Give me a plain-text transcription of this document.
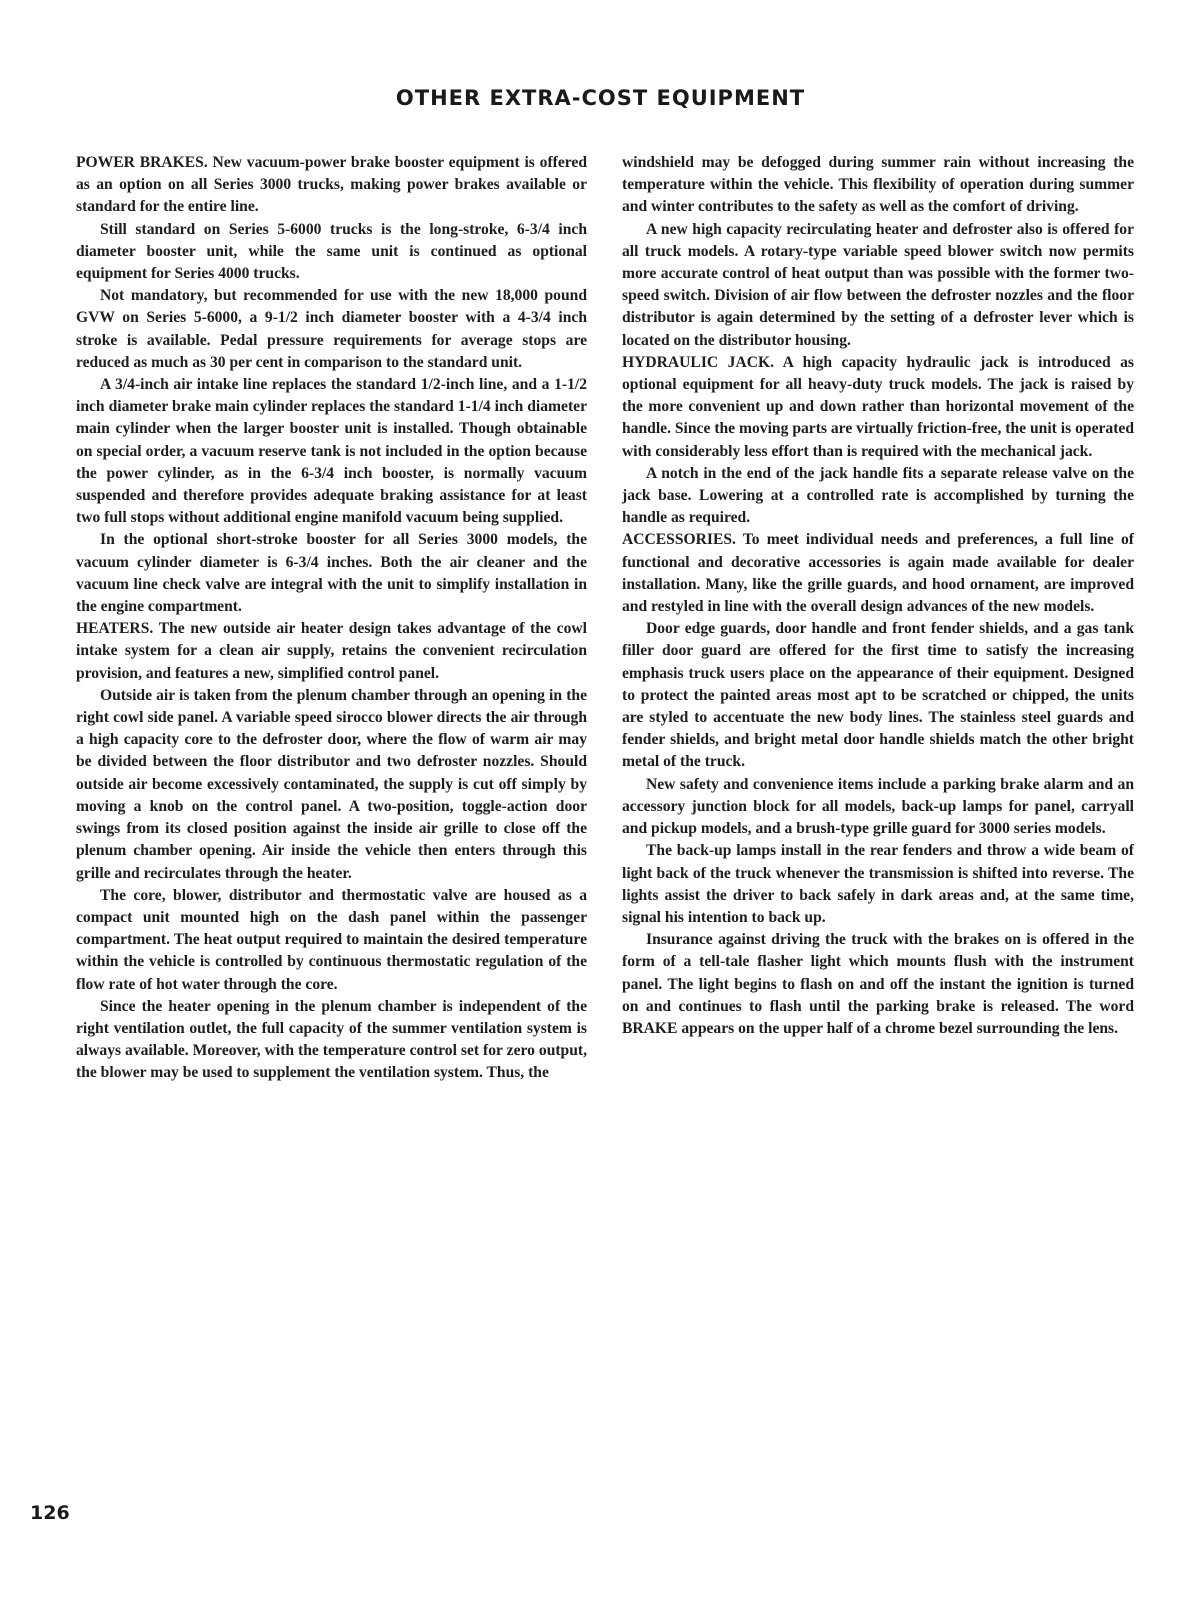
OTHER EXTRA-COST EQUIPMENT

POWER BRAKES. New vacuum-power brake booster equipment is offered as an option on all Series 3000 trucks, making power brakes available or standard for the entire line.

Still standard on Series 5-6000 trucks is the long-stroke, 6-3/4 inch diameter booster unit, while the same unit is continued as optional equipment for Series 4000 trucks.

Not mandatory, but recommended for use with the new 18,000 pound GVW on Series 5-6000, a 9-1/2 inch diameter booster with a 4-3/4 inch stroke is available. Pedal pressure requirements for average stops are reduced as much as 30 per cent in comparison to the standard unit.

A 3/4-inch air intake line replaces the standard 1/2-inch line, and a 1-1/2 inch diameter brake main cylinder replaces the standard 1-1/4 inch diameter main cylinder when the larger booster unit is installed. Though obtainable on special order, a vacuum reserve tank is not included in the option because the power cylinder, as in the 6-3/4 inch booster, is normally vacuum suspended and therefore provides adequate braking assistance for at least two full stops without additional engine manifold vacuum being supplied.

In the optional short-stroke booster for all Series 3000 models, the vacuum cylinder diameter is 6-3/4 inches. Both the air cleaner and the vacuum line check valve are integral with the unit to simplify installation in the engine compartment.

HEATERS. The new outside air heater design takes advantage of the cowl intake system for a clean air supply, retains the convenient recirculation provision, and features a new, simplified control panel.

Outside air is taken from the plenum chamber through an opening in the right cowl side panel. A variable speed sirocco blower directs the air through a high capacity core to the defroster door, where the flow of warm air may be divided between the floor distributor and two defroster nozzles. Should outside air become excessively contaminated, the supply is cut off simply by moving a knob on the control panel. A two-position, toggle-action door swings from its closed position against the inside air grille to close off the plenum chamber opening. Air inside the vehicle then enters through this grille and recirculates through the heater.

The core, blower, distributor and thermostatic valve are housed as a compact unit mounted high on the dash panel within the passenger compartment. The heat output required to maintain the desired temperature within the vehicle is controlled by continuous thermostatic regulation of the flow rate of hot water through the core.

Since the heater opening in the plenum chamber is independent of the right ventilation outlet, the full capacity of the summer ventilation system is always available. Moreover, with the temperature control set for zero output, the blower may be used to supplement the ventilation system. Thus, the

windshield may be defogged during summer rain without increasing the temperature within the vehicle. This flexibility of operation during summer and winter contributes to the safety as well as the comfort of driving.

A new high capacity recirculating heater and defroster also is offered for all truck models. A rotary-type variable speed blower switch now permits more accurate control of heat output than was possible with the former two-speed switch. Division of air flow between the defroster nozzles and the floor distributor is again determined by the setting of a defroster lever which is located on the distributor housing.

HYDRAULIC JACK. A high capacity hydraulic jack is introduced as optional equipment for all heavy-duty truck models. The jack is raised by the more convenient up and down rather than horizontal movement of the handle. Since the moving parts are virtually friction-free, the unit is operated with considerably less effort than is required with the mechanical jack.

A notch in the end of the jack handle fits a separate release valve on the jack base. Lowering at a controlled rate is accomplished by turning the handle as required.

ACCESSORIES. To meet individual needs and preferences, a full line of functional and decorative accessories is again made available for dealer installation. Many, like the grille guards, and hood ornament, are improved and restyled in line with the overall design advances of the new models.

Door edge guards, door handle and front fender shields, and a gas tank filler door guard are offered for the first time to satisfy the increasing emphasis truck users place on the appearance of their equipment. Designed to protect the painted areas most apt to be scratched or chipped, the units are styled to accentuate the new body lines. The stainless steel guards and fender shields, and bright metal door handle shields match the other bright metal of the truck.

New safety and convenience items include a parking brake alarm and an accessory junction block for all models, back-up lamps for panel, carryall and pickup models, and a brush-type grille guard for 3000 series models.

The back-up lamps install in the rear fenders and throw a wide beam of light back of the truck whenever the transmission is shifted into reverse. The lights assist the driver to back safely in dark areas and, at the same time, signal his intention to back up.

Insurance against driving the truck with the brakes on is offered in the form of a tell-tale flasher light which mounts flush with the instrument panel. The light begins to flash on and off the instant the ignition is turned on and continues to flash until the parking brake is released. The word BRAKE appears on the upper half of a chrome bezel surrounding the lens.

126
